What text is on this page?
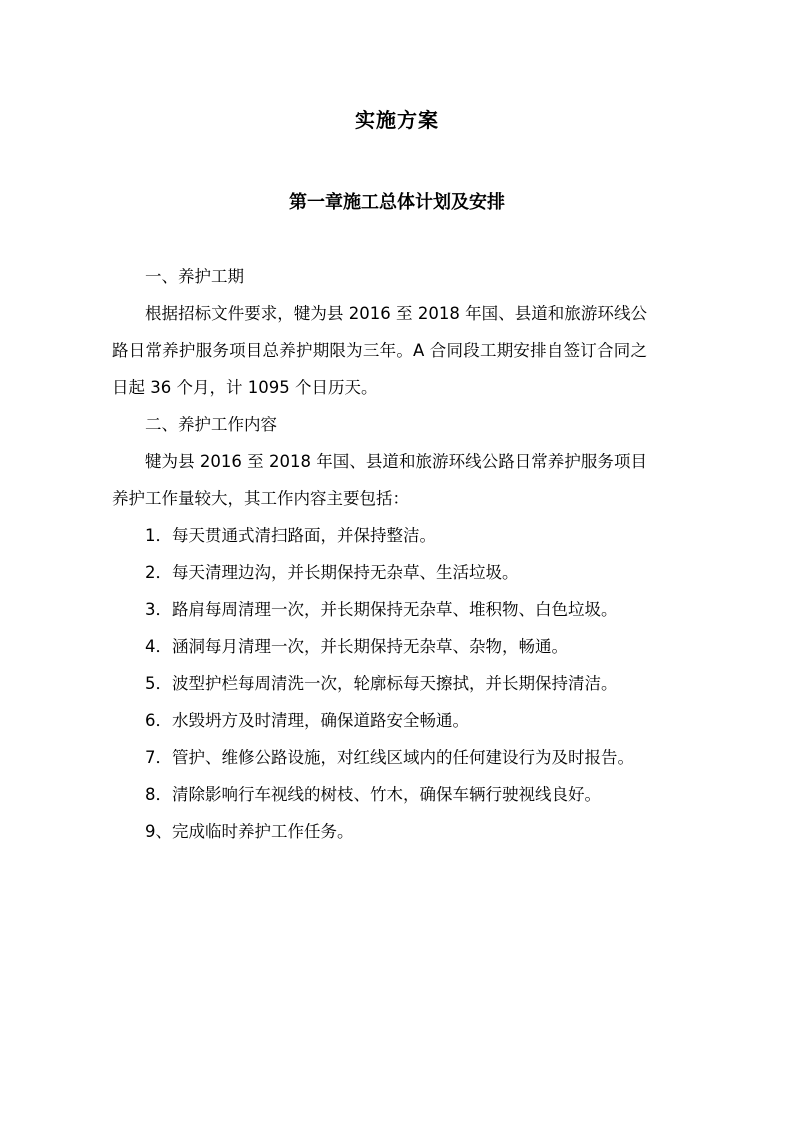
实施方案
第一章施工总体计划及安排

一、养护工期

根据招标文件要求，犍为县 2016 至 2018 年国、县道和旅游环线公路日常养护服务项目总养护期限为三年。A 合同段工期安排自签订合同之日起 36 个月，计 1095 个日历天。

二、养护工作内容

犍为县 2016 至 2018 年国、县道和旅游环线公路日常养护服务项目养护工作量较大，其工作内容主要包括：

1．每天贯通式清扫路面，并保持整洁。

2．每天清理边沟，并长期保持无杂草、生活垃圾。

3．路肩每周清理一次，并长期保持无杂草、堆积物、白色垃圾。

4．涵洞每月清理一次，并长期保持无杂草、杂物，畅通。

5．波型护栏每周清洗一次，轮廓标每天擦拭，并长期保持清洁。

6．水毁坍方及时清理，确保道路安全畅通。

7．管护、维修公路设施，对红线区域内的任何建设行为及时报告。

8．清除影响行车视线的树枝、竹木，确保车辆行驶视线良好。

9、完成临时养护工作任务。
